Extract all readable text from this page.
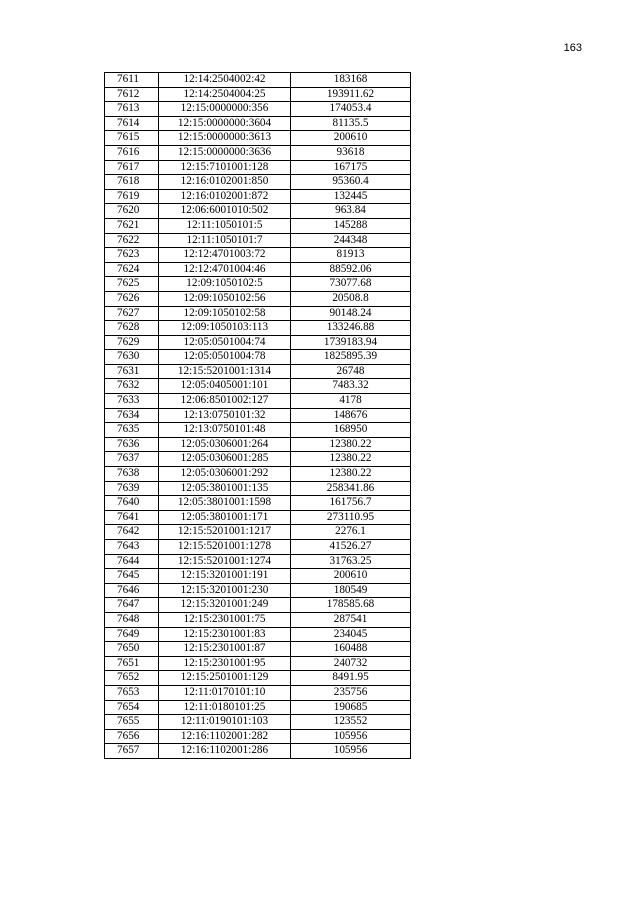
163
7611	12:14:2504002:42	183168
7612	12:14:2504004:25	193911.62
7613	12:15:0000000:356	174053.4
7614	12:15:0000000:3604	81135.5
7615	12:15:0000000:3613	200610
7616	12:15:0000000:3636	93618
7617	12:15:7101001:128	167175
7618	12:16:0102001:850	95360.4
7619	12:16:0102001:872	132445
7620	12:06:6001010:502	963.84
7621	12:11:1050101:5	145288
7622	12:11:1050101:7	244348
7623	12:12:4701003:72	81913
7624	12:12:4701004:46	88592.06
7625	12:09:1050102:5	73077.68
7626	12:09:1050102:56	20508.8
7627	12:09:1050102:58	90148.24
7628	12:09:1050103:113	133246.88
7629	12:05:0501004:74	1739183.94
7630	12:05:0501004:78	1825895.39
7631	12:15:5201001:1314	26748
7632	12:05:0405001:101	7483.32
7633	12:06:8501002:127	4178
7634	12:13:0750101:32	148676
7635	12:13:0750101:48	168950
7636	12:05:0306001:264	12380.22
7637	12:05:0306001:285	12380.22
7638	12:05:0306001:292	12380.22
7639	12:05:3801001:135	258341.86
7640	12:05:3801001:1598	161756.7
7641	12:05:3801001:171	273110.95
7642	12:15:5201001:1217	2276.1
7643	12:15:5201001:1278	41526.27
7644	12:15:5201001:1274	31763.25
7645	12:15:3201001:191	200610
7646	12:15:3201001:230	180549
7647	12:15:3201001:249	178585.68
7648	12:15:2301001:75	287541
7649	12:15:2301001:83	234045
7650	12:15:2301001:87	160488
7651	12:15:2301001:95	240732
7652	12:15:2501001:129	8491.95
7653	12:11:0170101:10	235756
7654	12:11:0180101:25	190685
7655	12:11:0190101:103	123552
7656	12:16:1102001:282	105956
7657	12:16:1102001:286	105956
